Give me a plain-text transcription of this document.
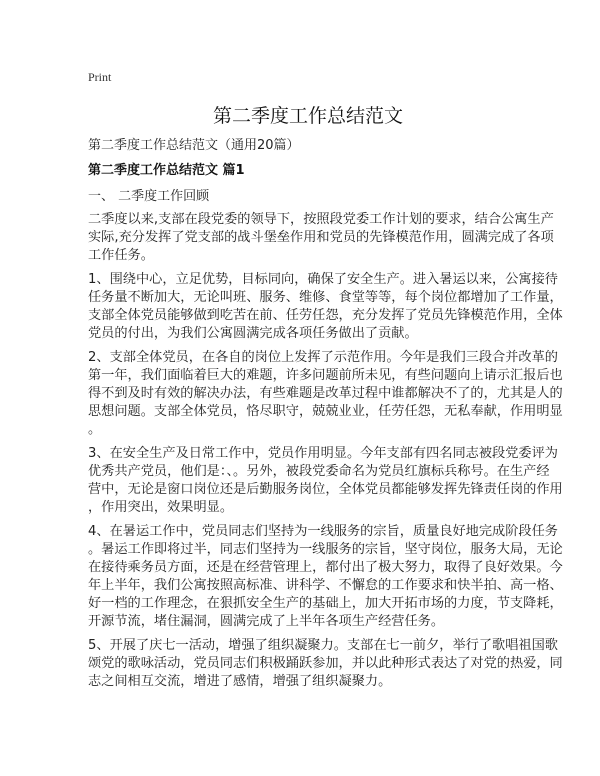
Print
第二季度工作总结范文
第二季度工作总结范文（通用20篇）
第二季度工作总结范文 篇1
一、 二季度工作回顾
二季度以来,支部在段党委的领导下，按照段党委工作计划的要求，结合公寓生产
实际,充分发挥了党支部的战斗堡垒作用和党员的先锋模范作用，圆满完成了各项
工作任务。
1、围绕中心，立足优势，目标同向，确保了安全生产。进入暑运以来，公寓接待
任务量不断加大，无论叫班、服务、维修、食堂等等，每个岗位都增加了工作量，
支部全体党员能够做到吃苦在前、任劳任怨，充分发挥了党员先锋模范作用，全体
党员的付出，为我们公寓圆满完成各项任务做出了贡献。
2、支部全体党员，在各自的岗位上发挥了示范作用。今年是我们三段合并改革的
第一年，我们面临着巨大的难题，许多问题前所未见，有些问题向上请示汇报后也
得不到及时有效的解决办法，有些难题是改革过程中谁都解决不了的，尤其是人的
思想问题。支部全体党员，恪尽职守，兢兢业业，任劳任怨，无私奉献，作用明显
。
3、在安全生产及日常工作中，党员作用明显。今年支部有四名同志被段党委评为
优秀共产党员，他们是：、。另外，被段党委命名为党员红旗标兵称号。在生产经
营中，无论是窗口岗位还是后勤服务岗位，全体党员都能够发挥先锋责任岗的作用
，作用突出，效果明显。
4、在暑运工作中，党员同志们坚持为一线服务的宗旨，质量良好地完成阶段任务
。暑运工作即将过半，同志们坚持为一线服务的宗旨，坚守岗位，服务大局，无论
在接待乘务员方面，还是在经营管理上，都付出了极大努力，取得了良好效果。今
年上半年，我们公寓按照高标准、讲科学、不懈怠的工作要求和快半拍、高一格、
好一档的工作理念，在狠抓安全生产的基础上，加大开拓市场的力度，节支降耗，
开源节流，堵住漏洞，圆满完成了上半年各项生产经营任务。
5、开展了庆七一活动，增强了组织凝聚力。支部在七一前夕，举行了歌唱祖国歌
颂党的歌咏活动，党员同志们积极踊跃参加，并以此种形式表达了对党的热爱，同
志之间相互交流，增进了感情，增强了组织凝聚力。
